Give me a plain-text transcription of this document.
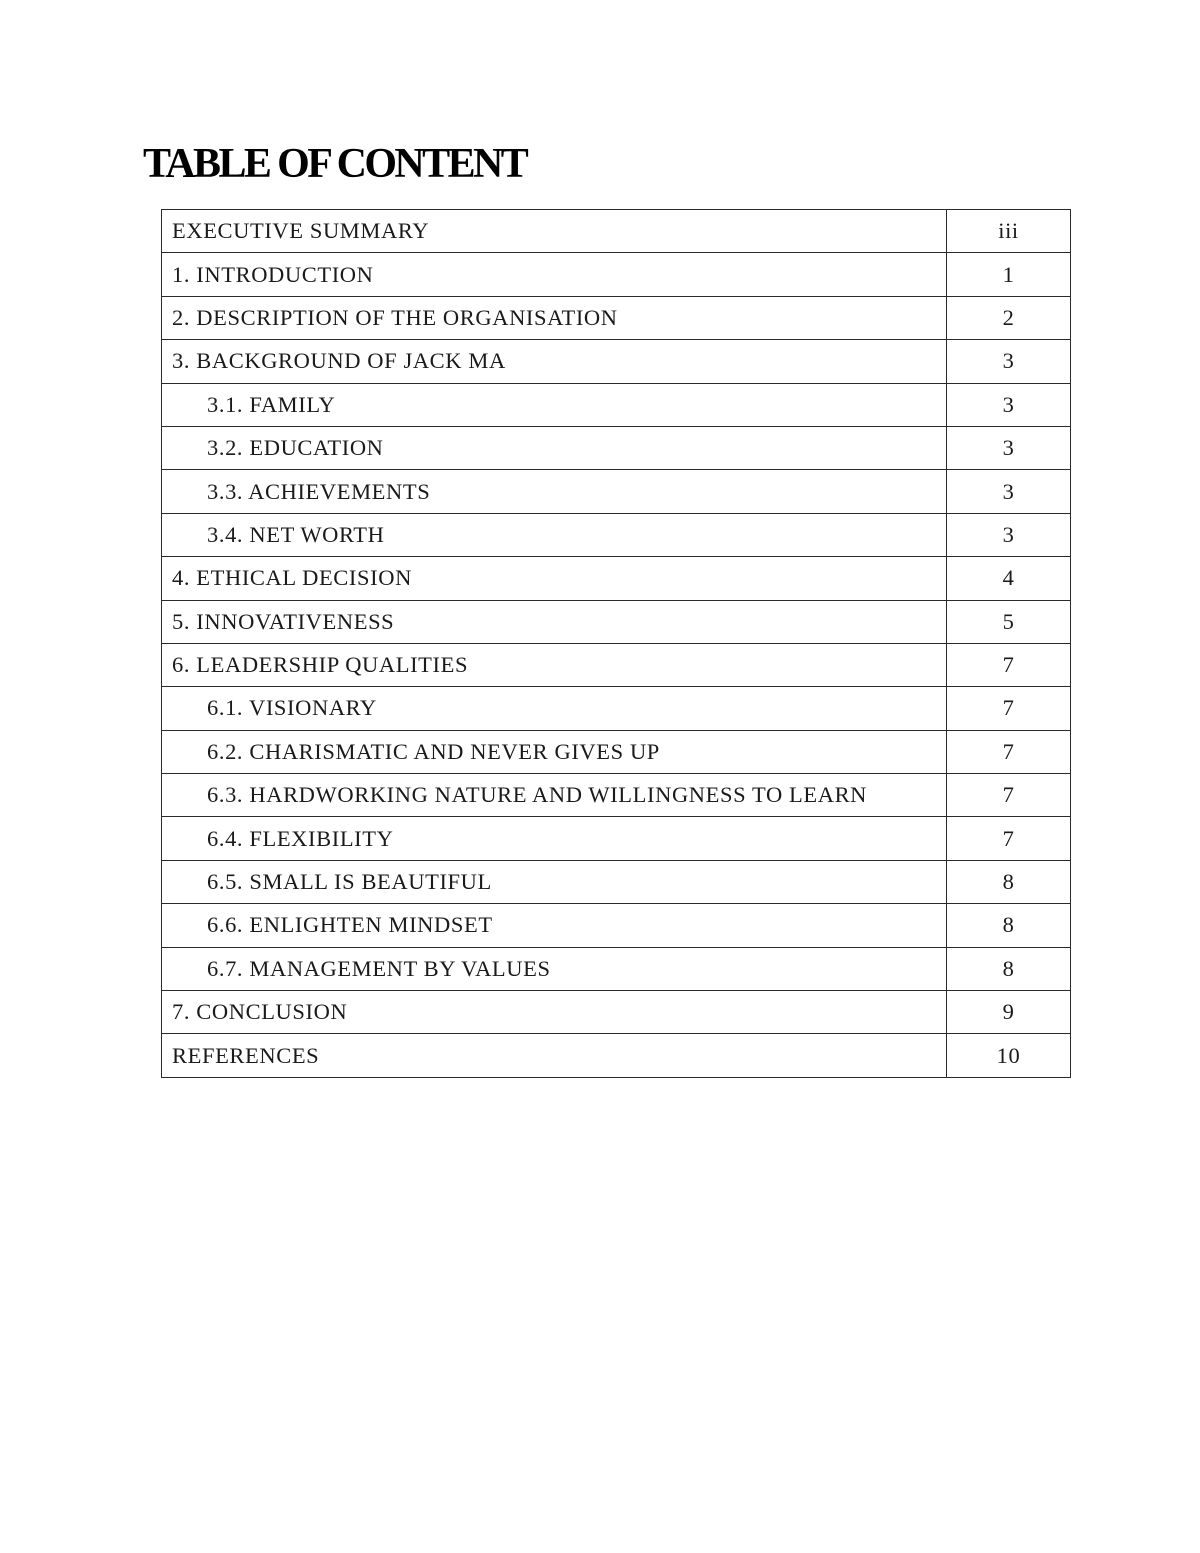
TABLE OF CONTENT
EXECUTIVE SUMMARY	iii
1. INTRODUCTION	1
2. DESCRIPTION OF THE ORGANISATION	2
3. BACKGROUND OF JACK MA	3
3.1. FAMILY	3
3.2. EDUCATION	3
3.3. ACHIEVEMENTS	3
3.4. NET WORTH	3
4. ETHICAL DECISION	4
5. INNOVATIVENESS	5
6. LEADERSHIP QUALITIES	7
6.1. VISIONARY	7
6.2. CHARISMATIC AND NEVER GIVES UP	7
6.3. HARDWORKING NATURE AND WILLINGNESS TO LEARN	7
6.4. FLEXIBILITY	7
6.5. SMALL IS BEAUTIFUL	8
6.6. ENLIGHTEN MINDSET	8
6.7. MANAGEMENT BY VALUES	8
7. CONCLUSION	9
REFERENCES	10
